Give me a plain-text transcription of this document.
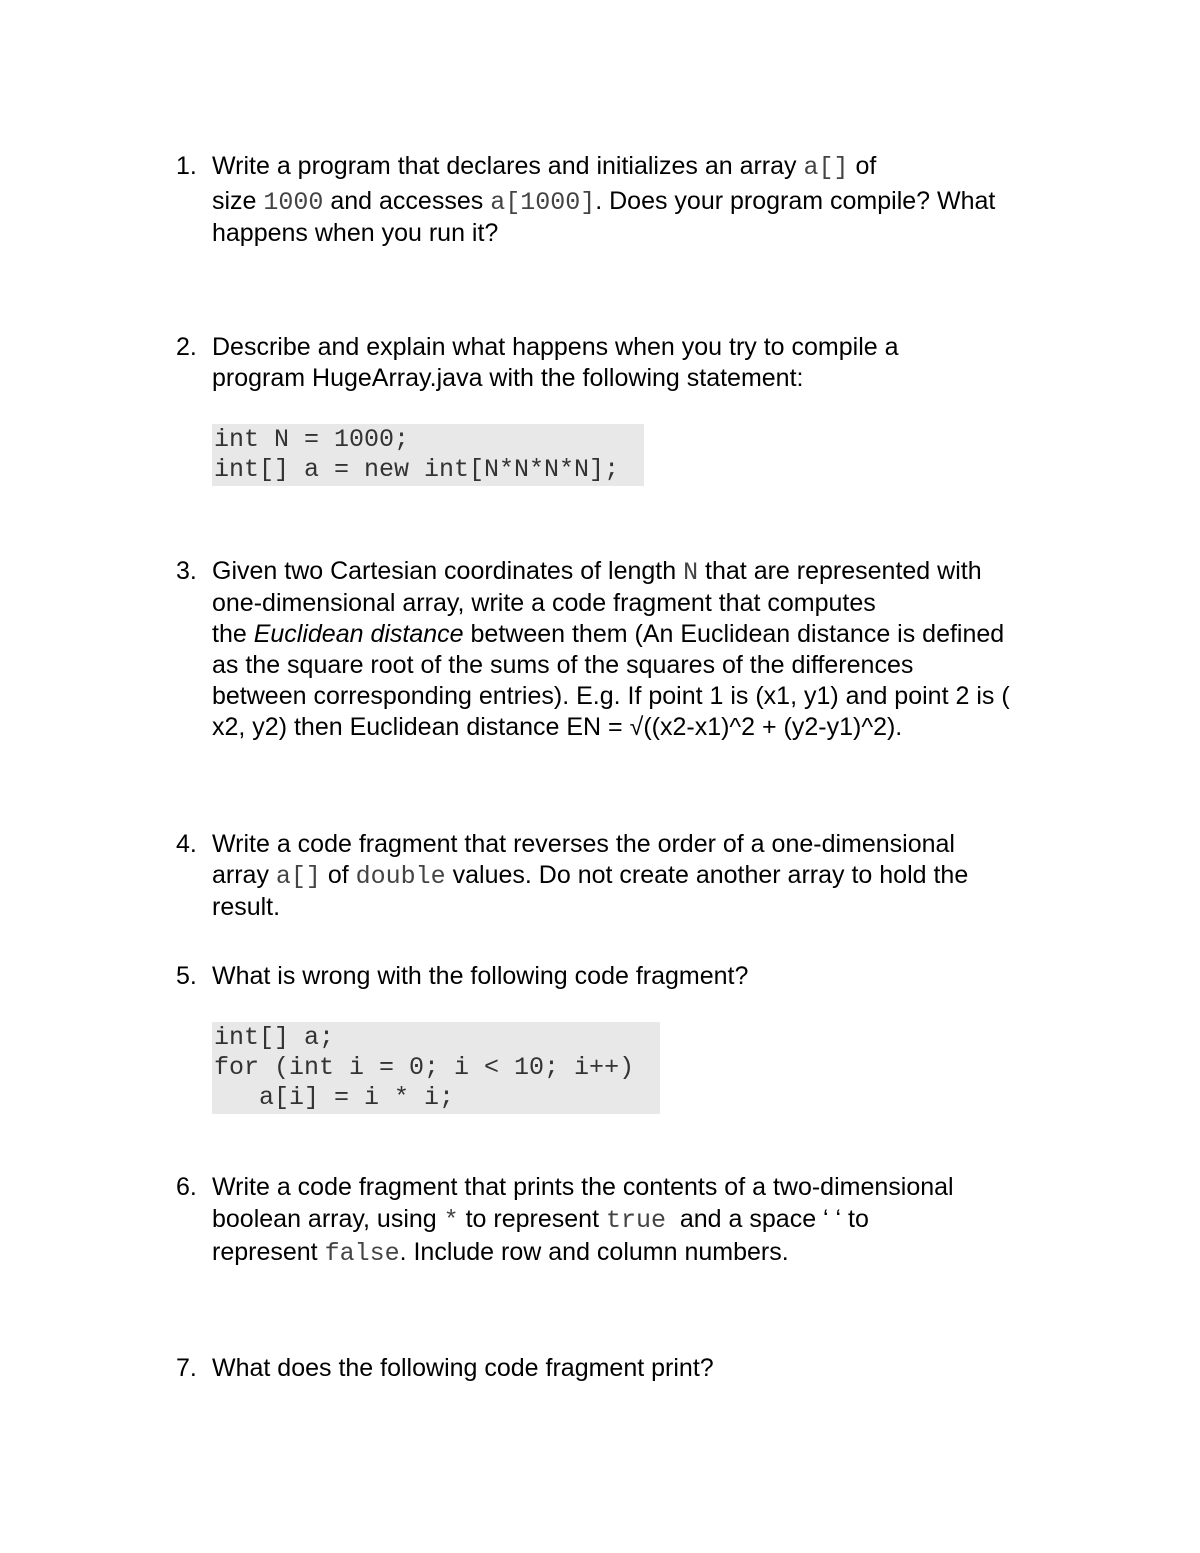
1. Write a program that declares and initializes an array a[] of

size 1000 and accesses a[1000]. Does your program compile? What

happens when you run it?

2. Describe and explain what happens when you try to compile a

program HugeArray.java with the following statement:

int N = 1000;
int[] a = new int[N*N*N*N];
3. Given two Cartesian coordinates of length N that are represented with

one-dimensional array, write a code fragment that computes

the Euclidean distance between them (An Euclidean distance is defined

as the square root of the sums of the squares of the differences

between corresponding entries). E.g. If point 1 is (x1, y1) and point 2 is (

x2, y2) then Euclidean distance EN = √((x2-x1)^2 + (y2-y1)^2).

4. Write a code fragment that reverses the order of a one-dimensional

array a[] of double values. Do not create another array to hold the

result.

5. What is wrong with the following code fragment?

int[] a;
for (int i = 0; i < 10; i++)
a[i] = i * i;
6. Write a code fragment that prints the contents of a two-dimensional

boolean array, using * to represent true  and a space ‘ ‘ to

represent false. Include row and column numbers.

7. What does the following code fragment print?
